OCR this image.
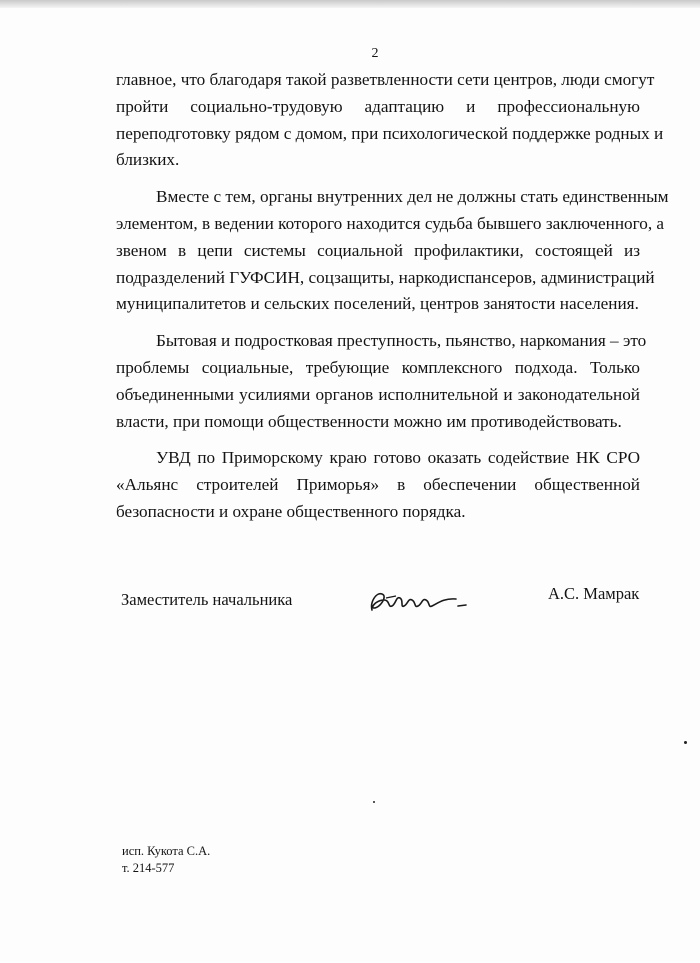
2
главное, что благодаря такой разветвленности сети центров, люди смогут
пройти социально-трудовую адаптацию и профессиональную
переподготовку рядом с домом, при психологической поддержке родных и
близких.
Вместе с тем, органы внутренних дел не должны стать единственным
элементом, в ведении которого находится судьба бывшего заключенного, а
звеном в цепи системы социальной профилактики, состоящей из
подразделений ГУФСИН, соцзащиты, наркодиспансеров, администраций
муниципалитетов и сельских поселений, центров занятости населения.
Бытовая и подростковая преступность, пьянство, наркомания – это
проблемы социальные, требующие комплексного подхода. Только
объединенными усилиями органов исполнительной и законодательной
власти, при помощи общественности можно им противодействовать.
УВД по Приморскому краю готово оказать содействие НК СРО
«Альянс строителей Приморья» в обеспечении общественной
безопасности и охране общественного порядка.
Заместитель начальника	А.С. Мамрак
исп. Кукота С.А.
т. 214-577
